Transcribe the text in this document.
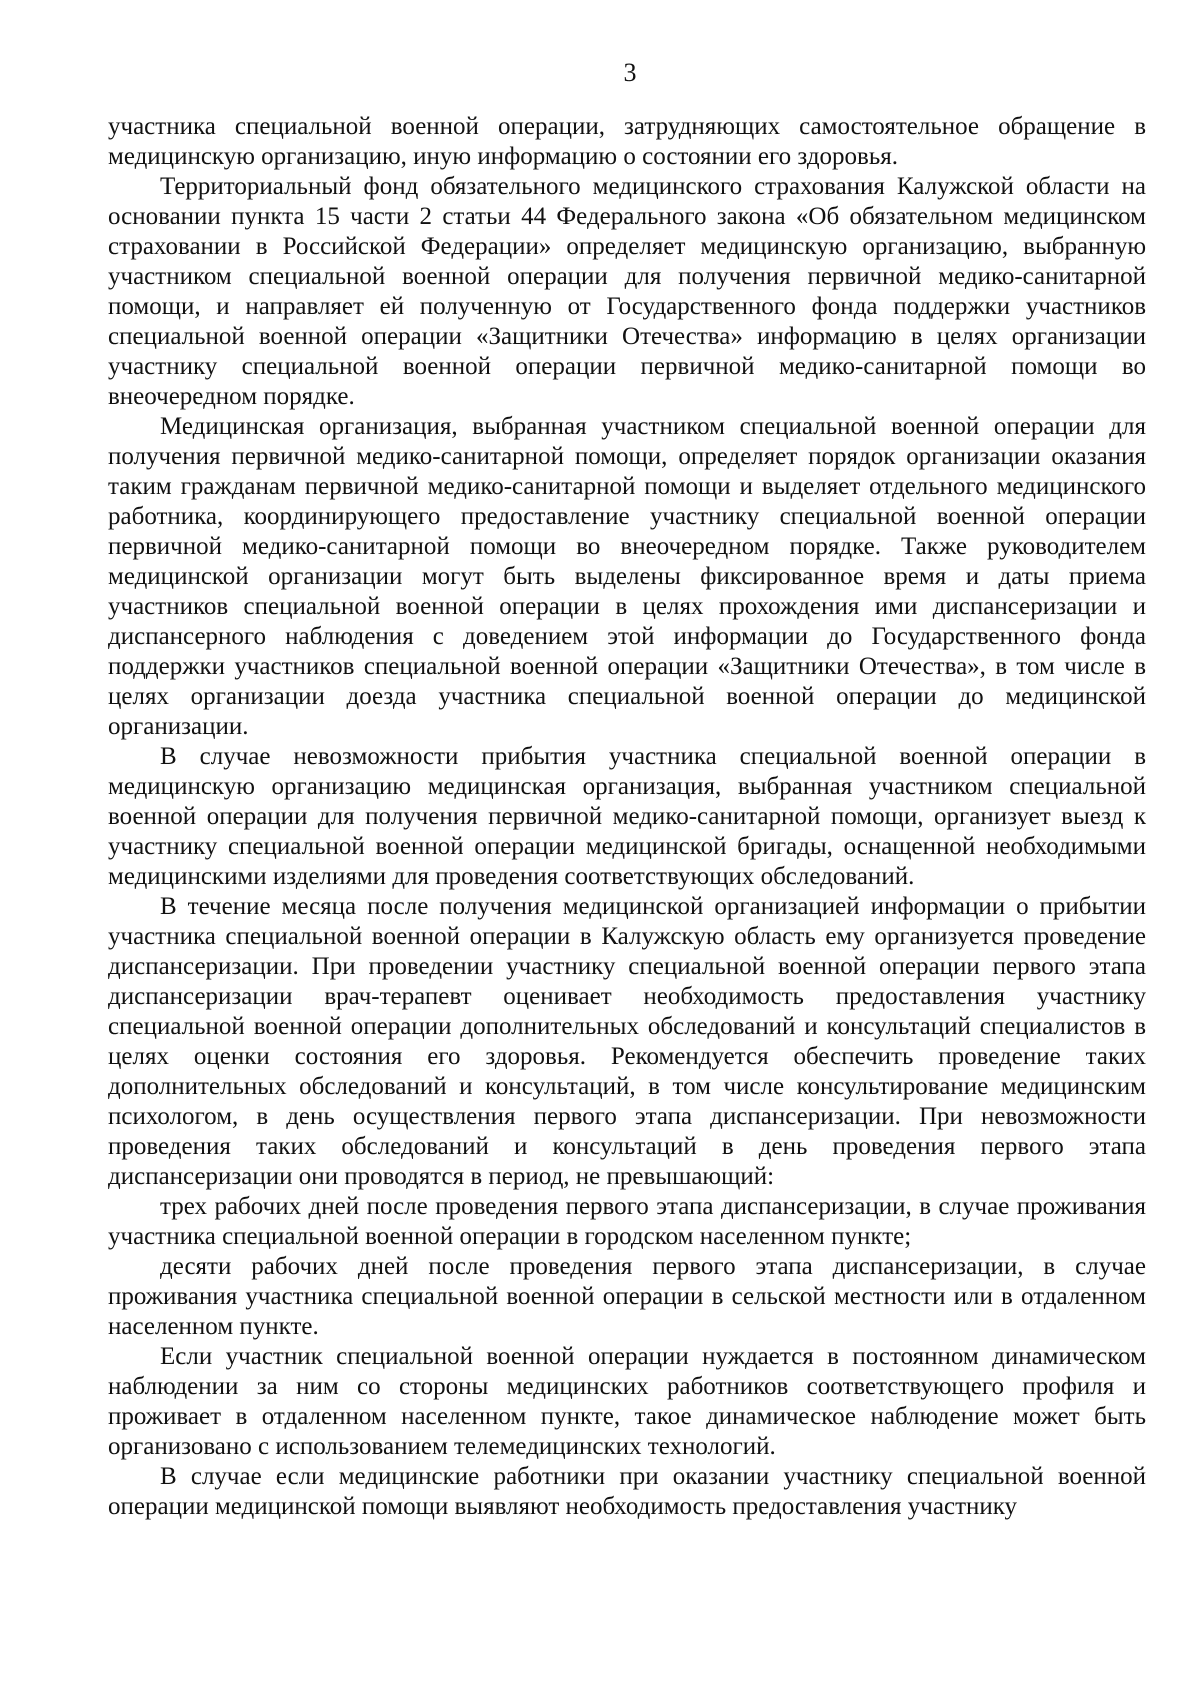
3

участника специальной военной операции, затрудняющих самостоятельное обращение в медицинскую организацию, иную информацию о состоянии его здоровья.

Территориальный фонд обязательного медицинского страхования Калужской области на основании пункта 15 части 2 статьи 44 Федерального закона «Об обязательном медицинском страховании в Российской Федерации» определяет медицинскую организацию, выбранную участником специальной военной операции для получения первичной медико-санитарной помощи, и направляет ей полученную от Государственного фонда поддержки участников специальной военной операции «Защитники Отечества» информацию в целях организации участнику специальной военной операции первичной медико-санитарной помощи во внеочередном порядке.

Медицинская организация, выбранная участником специальной военной операции для получения первичной медико-санитарной помощи, определяет порядок организации оказания таким гражданам первичной медико-санитарной помощи и выделяет отдельного медицинского работника, координирующего предоставление участнику специальной военной операции первичной медико-санитарной помощи во внеочередном порядке. Также руководителем медицинской организации могут быть выделены фиксированное время и даты приема участников специальной военной операции в целях прохождения ими диспансеризации и диспансерного наблюдения с доведением этой информации до Государственного фонда поддержки участников специальной военной операции «Защитники Отечества», в том числе в целях организации доезда участника специальной военной операции до медицинской организации.

В случае невозможности прибытия участника специальной военной операции в медицинскую организацию медицинская организация, выбранная участником специальной военной операции для получения первичной медико-санитарной помощи, организует выезд к участнику специальной военной операции медицинской бригады, оснащенной необходимыми медицинскими изделиями для проведения соответствующих обследований.

В течение месяца после получения медицинской организацией информации о прибытии участника специальной военной операции в Калужскую область ему организуется проведение диспансеризации. При проведении участнику специальной военной операции первого этапа диспансеризации врач-терапевт оценивает необходимость предоставления участнику специальной военной операции дополнительных обследований и консультаций специалистов в целях оценки состояния его здоровья. Рекомендуется обеспечить проведение таких дополнительных обследований и консультаций, в том числе консультирование медицинским психологом, в день осуществления первого этапа диспансеризации. При невозможности проведения таких обследований и консультаций в день проведения первого этапа диспансеризации они проводятся в период, не превышающий:

трех рабочих дней после проведения первого этапа диспансеризации, в случае проживания участника специальной военной операции в городском населенном пункте;

десяти рабочих дней после проведения первого этапа диспансеризации, в случае проживания участника специальной военной операции в сельской местности или в отдаленном населенном пункте.

Если участник специальной военной операции нуждается в постоянном динамическом наблюдении за ним со стороны медицинских работников соответствующего профиля и проживает в отдаленном населенном пункте, такое динамическое наблюдение может быть организовано с использованием телемедицинских технологий.

В случае если медицинские работники при оказании участнику специальной военной операции медицинской помощи выявляют необходимость предоставления участнику
